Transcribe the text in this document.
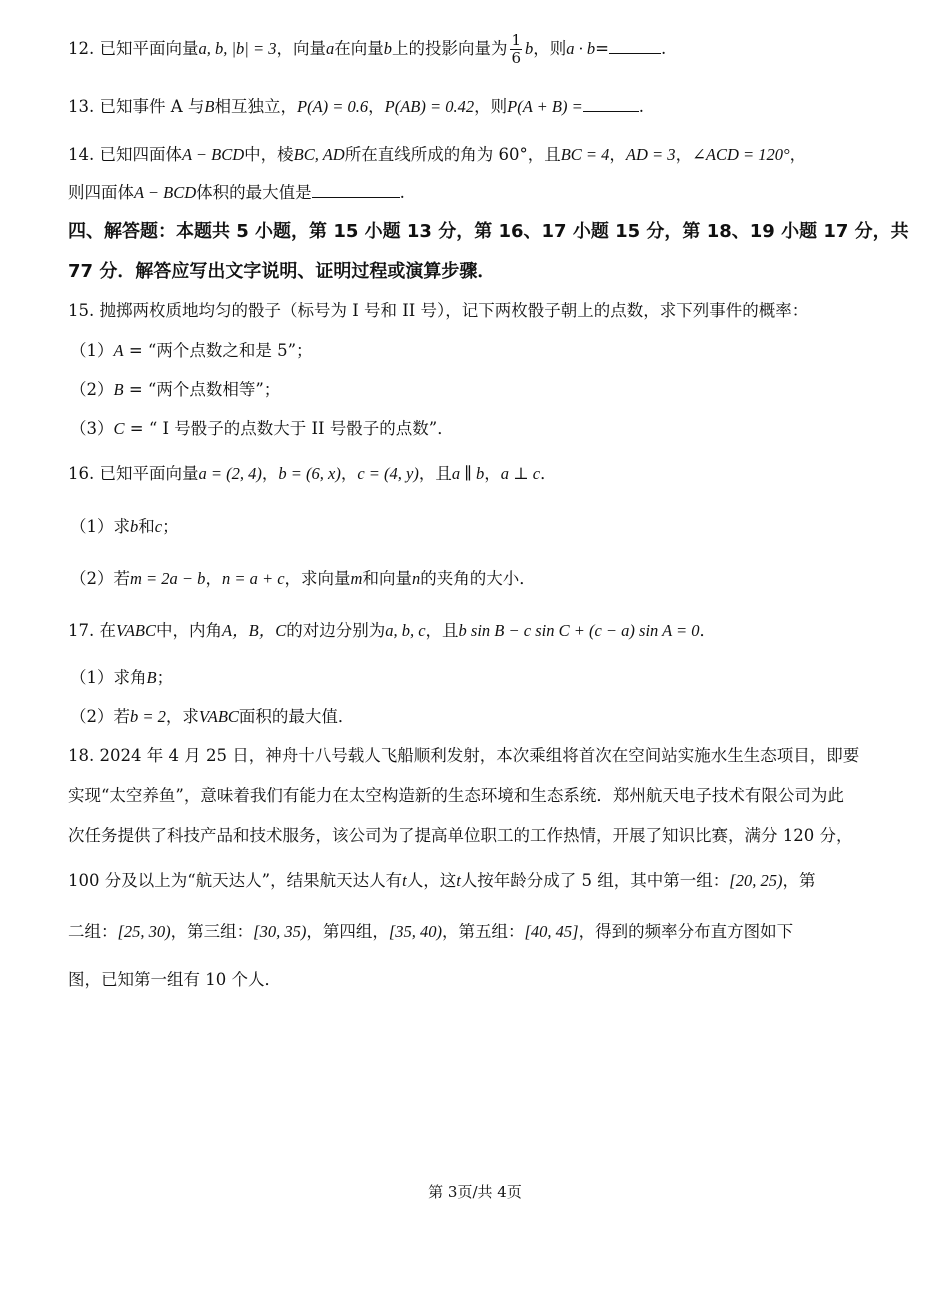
12. 已知平面向量a, b, |b| = 3，向量a在向量b上的投影向量为 $\frac{1}{6}$ b，则a · b=	.
13. 已知事件 A 与B相互独立，P(A) = 0.6，P(AB) = 0.42，则P(A + B) =	.
14. 已知四面体A − BCD中，棱BC, AD所在直线所成的角为 60°，且BC = 4，AD = 3，∠ACD = 120°，
则四面体A − BCD体积的最大值是	.
四、解答题：本题共 5 小题，第 15 小题 13 分，第 16、17 小题 15 分，第 18、19 小题 17 分，共
77 分．解答应写出文字说明、证明过程或演算步骤．
15. 抛掷两枚质地均匀的骰子（标号为 I 号和 II 号），记下两枚骰子朝上的点数，求下列事件的概率：
（1）A = “两个点数之和是 5”；
（2）B = “两个点数相等”；
（3）C = “ I 号骰子的点数大于 II 号骰子的点数”．
16. 已知平面向量a = (2, 4)，b = (6, x)，c = (4, y)，且a ∥ b，a ⊥ c．
（1）求b和c；
（2）若m = 2a − b，n = a + c，求向量m和向量n的夹角的大小．
17. 在VABC中，内角A，B，C的对边分别为a, b, c，且b sin B − c sin C + (c − a) sin A = 0．
（1）求角B；
（2）若b = 2，求VABC面积的最大值．
18. 2024 年 4 月 25 日，神舟十八号载人飞船顺利发射，本次乘组将首次在空间站实施水生生态项目，即要
实现“太空养鱼”，意味着我们有能力在太空构造新的生态环境和生态系统．郑州航天电子技术有限公司为此
次任务提供了科技产品和技术服务，该公司为了提高单位职工的工作热情，开展了知识比赛，满分 120 分，
100 分及以上为“航天达人”，结果航天达人有t人，这t人按年龄分成了 5 组，其中第一组：[20, 25)，第
二组：[25, 30)，第三组：[30, 35)，第四组，[35, 40)，第五组：[40, 45]，得到的频率分布直方图如下
图，已知第一组有 10 个人．
第 3页/共 4页
